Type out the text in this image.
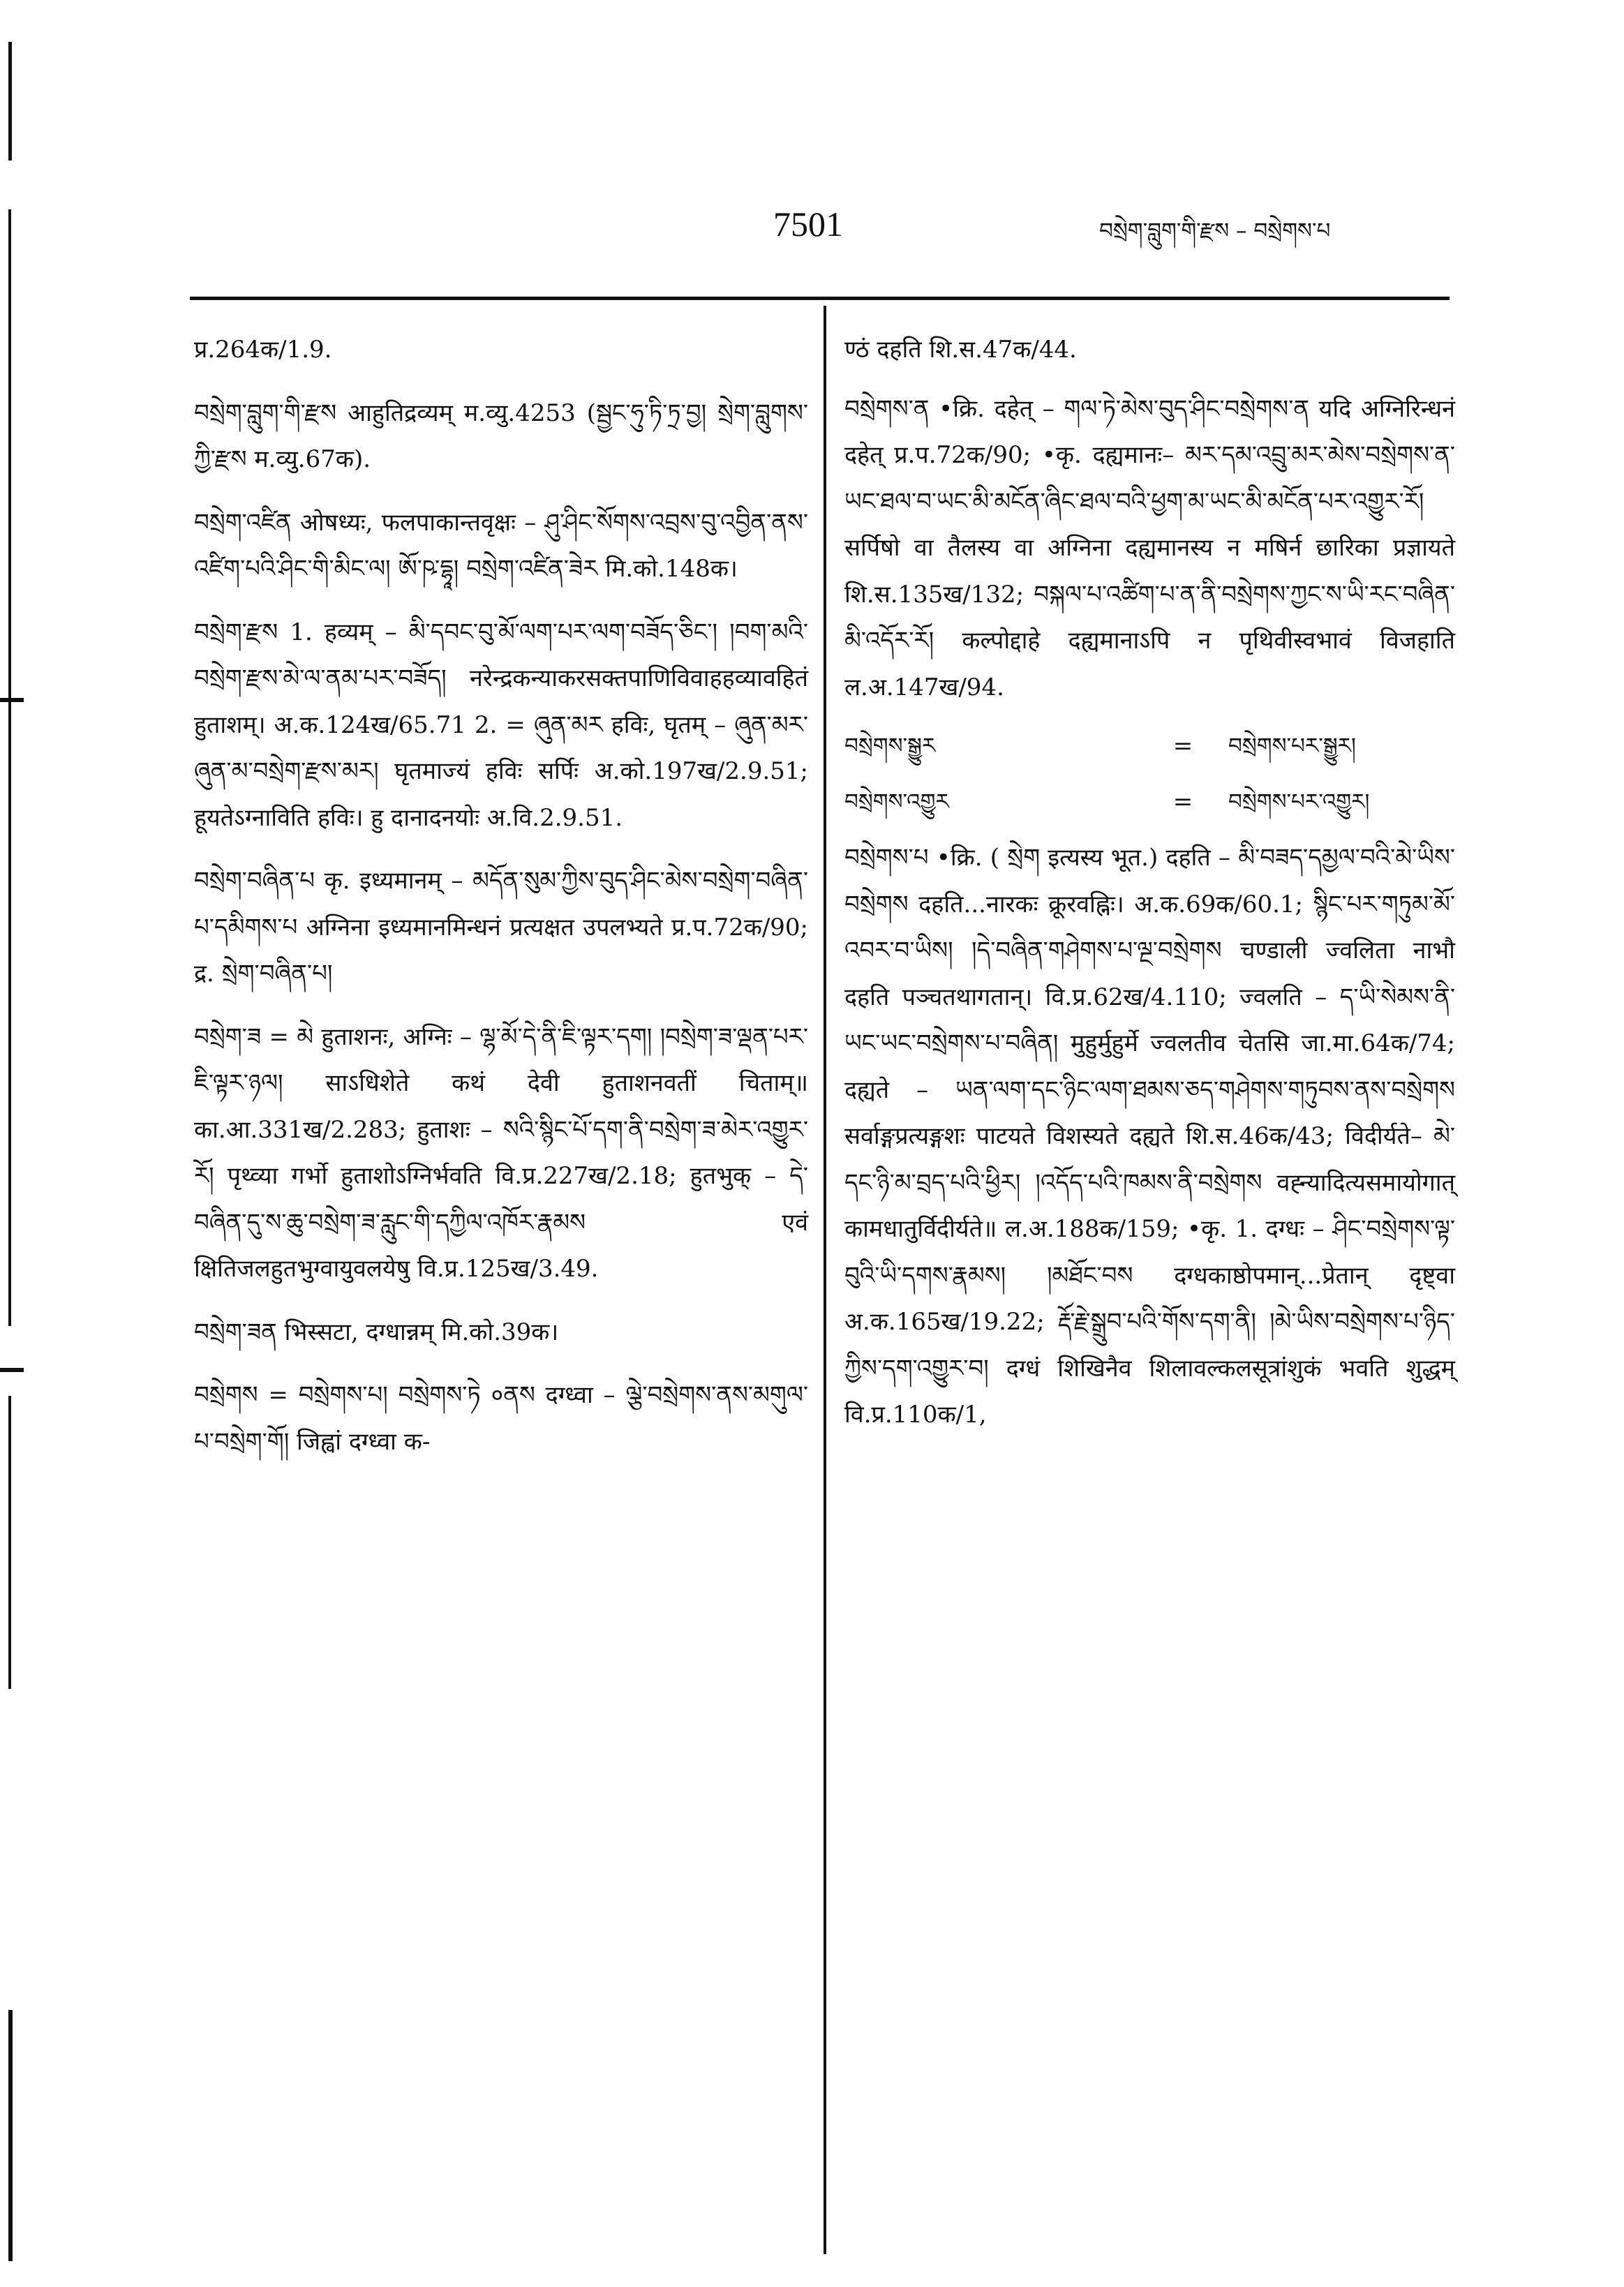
7501	བསྲེག་བླུག་གི་རྫས – བསྲེགས་པ

प्र.264क/1.9.

བསྲེག་བླུག་གི་རྫས आहुतिद्रव्यम् म.व्यु.4253 (སྦྱང་ཧུ་ཏི་ཏྲ་བྱ། སྲེག་བླུགས་ཀྱི་རྫས म.व्यु.67क).

བསྲེག་འཛིན ओषध्यः, फलपाकान्तवृक्षः – ཤུ་ཤིང་སོགས་འབྲས་བུ་འབྱིན་ནས་འཛིག་པའི་ཤིང་གི་མིང་ལ། ཨོ་ཥ་དྷཱ། བསྲེག་འཛིན་ཟེར मि.को.148क।

བསྲེག་རྫས 1. हव्यम् – མི་དབང་བུ་མོ་ལག་པར་ལག་བཟོད་ཅིང་། །བག་མའི་བསྲེག་རྫས་མེ་ལ་ནམ་པར་བཟོད། नरेन्द्रकन्याकरसक्तपाणिविवाहहव्यावहितं हुताशम्। अ.क.124ख/65.71 2. = ཞུན་མར हविः, घृतम् – ཞུན་མར་ཞུན་མ་བསྲེག་རྫས་མར། घृतमाज्यं हविः सर्पिः अ.को.197ख/2.9.51; हूयतेऽग्नाविति हविः। हु दानादनयोः अ.वि.2.9.51.

བསྲེག་བཞིན་པ कृ. इध्यमानम् – མདོན་སུམ་ཀྱིས་བུད་ཤིང་མེས་བསྲེག་བཞིན་པ་དམིགས་པ अग्निना इध्यमानमिन्धनं प्रत्यक्षत उपलभ्यते प्र.प.72क/90; द्र. སྲེག་བཞིན་པ།

བསྲེག་ཟ = མེ हुताशनः, अग्निः – ལྷ་མོ་དེ་ནི་ཇི་ལྟར་དག། །བསྲེག་ཟ་ལྡན་པར་ཇི་ལྟར་ཉལ། साऽधिशेते कथं देवी हुताशनवतीं चिताम्॥ का.आ.331ख/2.283; हुताशः – སའི་སྙིང་པོ་དག་ནི་བསྲེག་ཟ་མེར་འགྱུར་རོ། पृथ्व्या गर्भो हुताशोऽग्निर्भवति वि.प्र.227ख/2.18; हुतभुक् – དེ་བཞིན་དུ་ས་ཆུ་བསྲེག་ཟ་རླུང་གི་དཀྱིལ་འཁོར་རྣམས एवं क्षितिजलहुतभुग्वायुवलयेषु वि.प्र.125ख/3.49.

བསྲེག་ཟན भिस्सटा, दग्धान्नम् मि.को.39क।

བསྲེགས = བསྲེགས་པ། བསྲེགས་ཏེ ०ནས दग्ध्वा – ལྕེ་བསྲེགས་ནས་མགུལ་པ་བསྲེག་གོ། जिह्वां दग्ध्वा क-

ण्ठं दहति शि.स.47क/44.

བསྲེགས་ན •क्रि. दहेत् – གལ་ཏེ་མེས་བུད་ཤིང་བསྲེགས་ན यदि अग्निरिन्धनं दहेत् प्र.प.72क/90; •कृ. दह्यमानः– མར་དམ་འབྲུ་མར་མེས་བསྲེགས་ན་ཡང་ཐལ་བ་ཡང་མི་མངོན་ཞིང་ཐལ་བའི་ཕྱག་མ་ཡང་མི་མངོན་པར་འགྱུར་རོ། सर्पिषो वा तैलस्य वा अग्निना दह्यमानस्य न मषिर्न छारिका प्रज्ञायते शि.स.135ख/132; བསྐལ་པ་འཚིག་པ་ན་ནི་བསྲེགས་ཀྱང་ས་ཡི་རང་བཞིན་མི་འདོར་རོ། कल्पोद्दाहे दह्यमानाऽपि न पृथिवीस्वभावं विजहाति ल.अ.147ख/94.

བསྲེགས་སྒྱུར	=	བསྲེགས་པར་སྒྱུར།
བསྲེགས་འགྱུར	=	བསྲེགས་པར་འགྱུར།

བསྲེགས་པ •क्रि. ( སྲེག इत्यस्य भूत.) दहति – མི་བཟད་དམྱལ་བའི་མེ་ཡིས་བསྲེགས दहति...नारकः क्रूरवह्निः। अ.क.69क/60.1; སྙིང་པར་གཏུམ་མོ་འབར་བ་ཡིས། །དེ་བཞིན་གཤེགས་པ་ལྔ་བསྲེགས चण्डाली ज्वलिता नाभौ दहति पञ्चतथागतान्। वि.प्र.62ख/4.110; ज्वलति – ད་ཡི་སེམས་ནི་ཡང་ཡང་བསྲེགས་པ་བཞིན། मुहुर्मुहुर्मे ज्वलतीव चेतसि जा.मा.64क/74; दह्यते – ཡན་ལག་དང་ཉིང་ལག་ཐམས་ཅད་གཤེགས་གཏུབས་ནས་བསྲེགས सर्वाङ्गप्रत्यङ्गशः पाटयते विशस्यते दह्यते शि.स.46क/43; विदीर्यते– མེ་དང་ཉི་མ་བྲད་པའི་ཕྱིར། །འདོད་པའི་ཁམས་ནི་བསྲེགས वह्न्यादित्यसमायोगात् कामधातुर्विदीर्यते॥ ल.अ.188क/159; •कृ. 1. दग्धः – ཤིང་བསྲེགས་ལྟ་བུའི་ཡི་དགས་རྣམས། །མཐོང་བས दग्धकाष्ठोपमान्...प्रेतान् दृष्ट्वा अ.क.165ख/19.22; རྡོ་རྗེ་སྒྲུབ་པའི་གོས་དག་ནི། །མེ་ཡིས་བསྲེགས་པ་ཉིད་ཀྱིས་དག་འགྱུར་བ། दग्धं शिखिनैव शिलावल्कलसूत्रांशुकं भवति शुद्धम् वि.प्र.110क/1,
